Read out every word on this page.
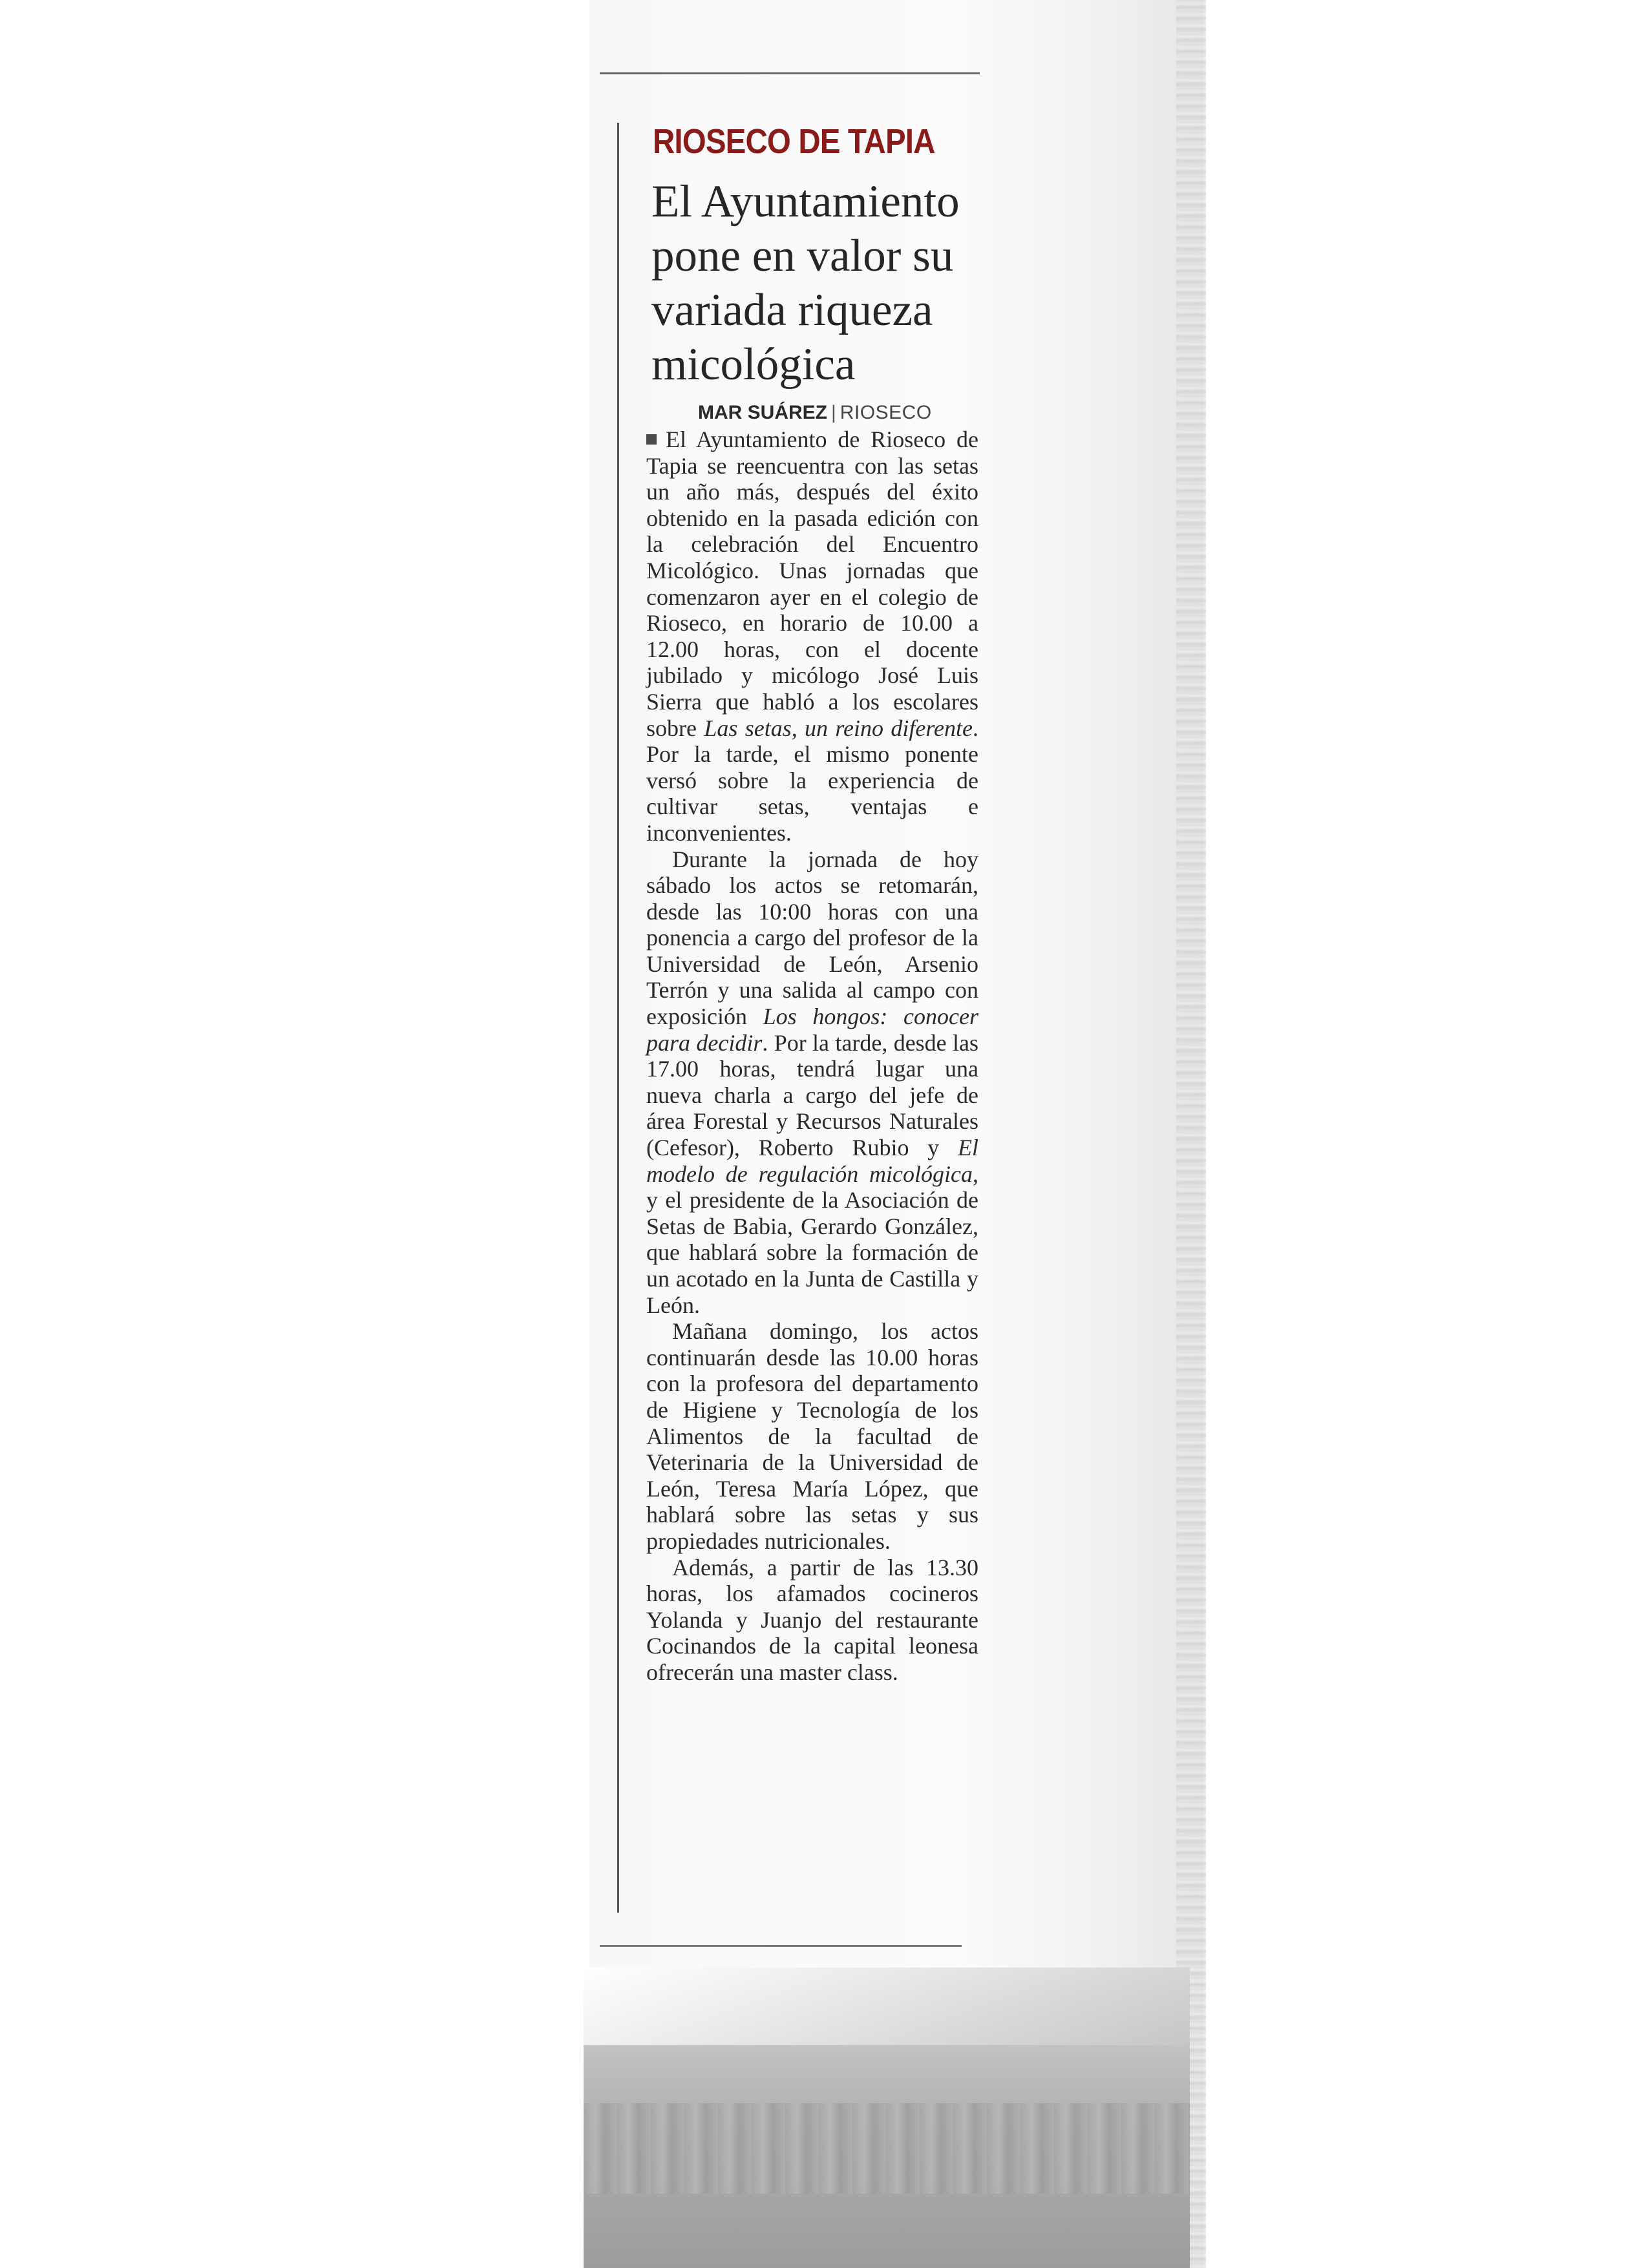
RIOSECO DE TAPIA
El Ayuntamiento pone en valor su variada riqueza micológica
MAR SUÁREZ | RIOSECO

El Ayuntamiento de Rioseco de Tapia se reencuentra con las setas un año más, después del éxito obtenido en la pasada edición con la celebración del Encuentro Micológico. Unas jornadas que comenzaron ayer en el colegio de Rioseco, en horario de 10.00 a 12.00 horas, con el docente jubilado y micólogo José Luis Sierra que habló a los escolares sobre Las setas, un reino diferente. Por la tarde, el mismo ponente versó sobre la experiencia de cultivar setas, ventajas e inconvenientes.

Durante la jornada de hoy sábado los actos se retomarán, desde las 10:00 horas con una ponencia a cargo del profesor de la Universidad de León, Arsenio Terrón y una salida al campo con exposición Los hongos: conocer para decidir. Por la tarde, desde las 17.00 horas, tendrá lugar una nueva charla a cargo del jefe de área Forestal y Recursos Naturales (Cefesor), Roberto Rubio y El modelo de regulación micológica, y el presidente de la Asociación de Setas de Babia, Gerardo González, que hablará sobre la formación de un acotado en la Junta de Castilla y León.

Mañana domingo, los actos continuarán desde las 10.00 horas con la profesora del departamento de Higiene y Tecnología de los Alimentos de la facultad de Veterinaria de la Universidad de León, Teresa María López, que hablará sobre las setas y sus propiedades nutricionales.

Además, a partir de las 13.30 horas, los afamados cocineros Yolanda y Juanjo del restaurante Cocinandos de la capital leonesa ofrecerán una master class.
